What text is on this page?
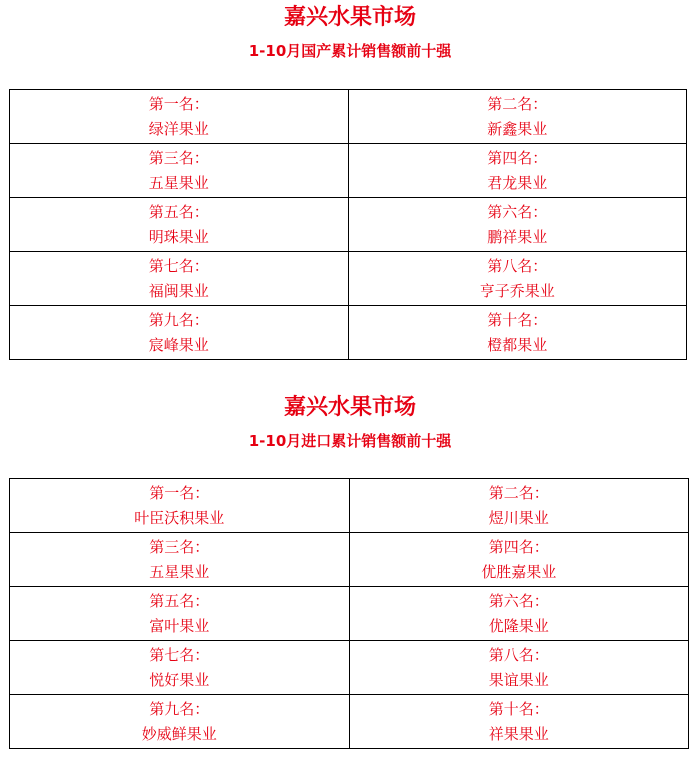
嘉兴水果市场
1-10月国产累计销售额前十强
第一名：
绿洋果业	第二名：
新鑫果业

第三名：
五星果业	第四名：
君龙果业

第五名：
明珠果业	第六名：
鹏祥果业

第七名：
福闽果业	第八名：
亨子乔果业

第九名：
宸峰果业	第十名：
橙都果业
嘉兴水果市场
1-10月进口累计销售额前十强
第一名：
叶臣沃积果业	第二名：
煜川果业

第三名：
五星果业	第四名：
优胜嘉果业

第五名：
富叶果业	第六名：
优隆果业

第七名：
悦好果业	第八名：
果谊果业

第九名：
妙威鲜果业	第十名：
祥果果业
